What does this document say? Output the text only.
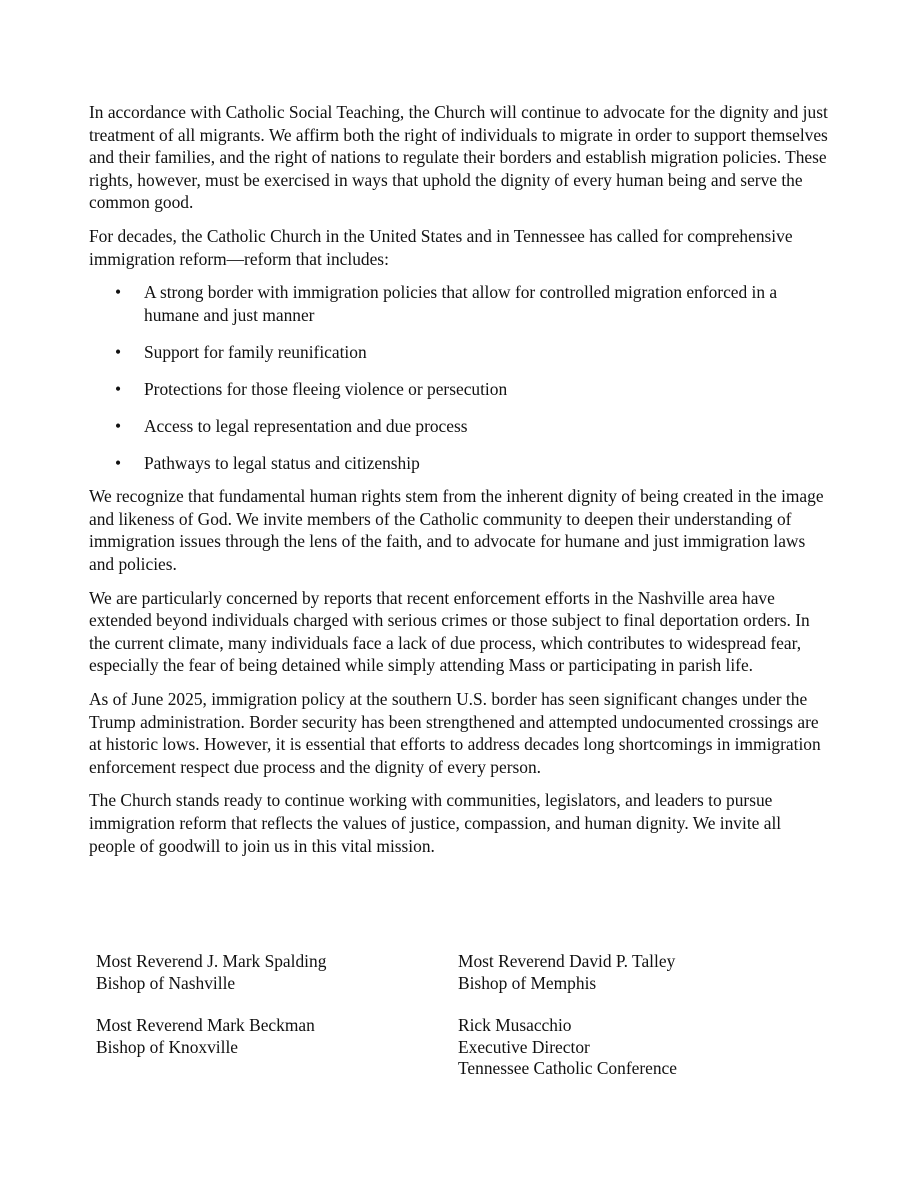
In accordance with Catholic Social Teaching, the Church will continue to advocate for the dignity and just treatment of all migrants. We affirm both the right of individuals to migrate in order to support themselves and their families, and the right of nations to regulate their borders and establish migration policies. These rights, however, must be exercised in ways that uphold the dignity of every human being and serve the common good.

For decades, the Catholic Church in the United States and in Tennessee has called for comprehensive immigration reform—reform that includes:

• A strong border with immigration policies that allow for controlled migration enforced in a humane and just manner
• Support for family reunification
• Protections for those fleeing violence or persecution
• Access to legal representation and due process
• Pathways to legal status and citizenship

We recognize that fundamental human rights stem from the inherent dignity of being created in the image and likeness of God. We invite members of the Catholic community to deepen their understanding of immigration issues through the lens of the faith, and to advocate for humane and just immigration laws and policies.

We are particularly concerned by reports that recent enforcement efforts in the Nashville area have extended beyond individuals charged with serious crimes or those subject to final deportation orders. In the current climate, many individuals face a lack of due process, which contributes to widespread fear, especially the fear of being detained while simply attending Mass or participating in parish life.

As of June 2025, immigration policy at the southern U.S. border has seen significant changes under the Trump administration. Border security has been strengthened and attempted undocumented crossings are at historic lows. However, it is essential that efforts to address decades long shortcomings in immigration enforcement respect due process and the dignity of every person.

The Church stands ready to continue working with communities, legislators, and leaders to pursue immigration reform that reflects the values of justice, compassion, and human dignity. We invite all people of goodwill to join us in this vital mission.

Most Reverend J. Mark Spalding
Bishop of Nashville
Most Reverend David P. Talley
Bishop of Memphis
Most Reverend Mark Beckman
Bishop of Knoxville
Rick Musacchio
Executive Director
Tennessee Catholic Conference
